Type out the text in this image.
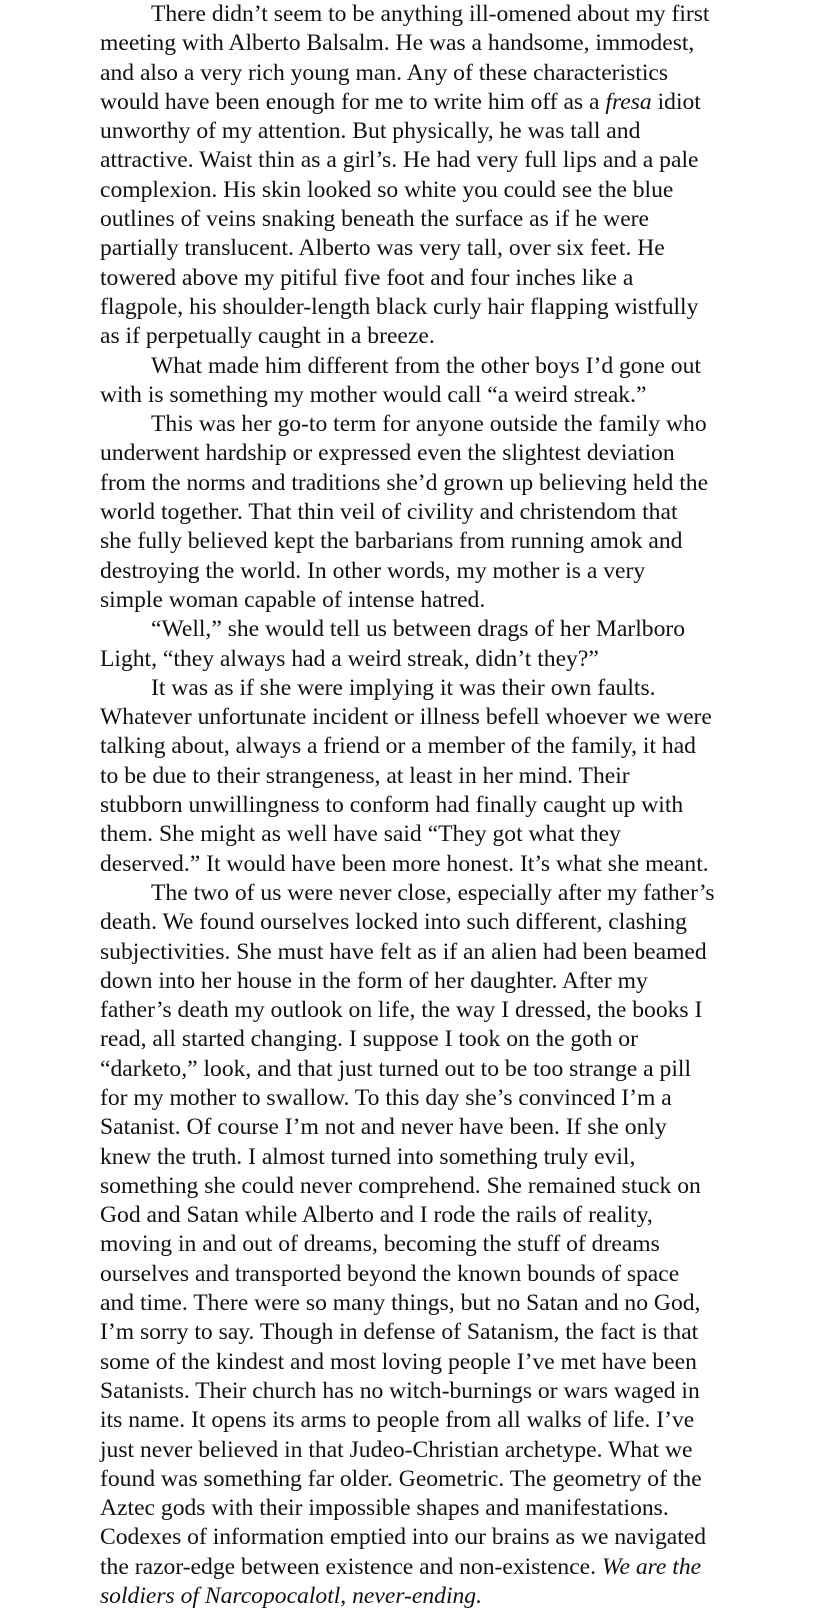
There didn’t seem to be anything ill-omened about my first
meeting with Alberto Balsalm. He was a handsome, immodest,
and also a very rich young man. Any of these characteristics
would have been enough for me to write him off as a fresa idiot
unworthy of my attention. But physically, he was tall and
attractive. Waist thin as a girl’s. He had very full lips and a pale
complexion. His skin looked so white you could see the blue
outlines of veins snaking beneath the surface as if he were
partially translucent. Alberto was very tall, over six feet. He
towered above my pitiful five foot and four inches like a
flagpole, his shoulder-length black curly hair flapping wistfully
as if perpetually caught in a breeze.
What made him different from the other boys I’d gone out
with is something my mother would call “a weird streak.”
This was her go-to term for anyone outside the family who
underwent hardship or expressed even the slightest deviation
from the norms and traditions she’d grown up believing held the
world together. That thin veil of civility and christendom that
she fully believed kept the barbarians from running amok and
destroying the world. In other words, my mother is a very
simple woman capable of intense hatred.
“Well,” she would tell us between drags of her Marlboro
Light, “they always had a weird streak, didn’t they?”
It was as if she were implying it was their own faults.
Whatever unfortunate incident or illness befell whoever we were
talking about, always a friend or a member of the family, it had
to be due to their strangeness, at least in her mind. Their
stubborn unwillingness to conform had finally caught up with
them. She might as well have said “They got what they
deserved.” It would have been more honest. It’s what she meant.
The two of us were never close, especially after my father’s
death. We found ourselves locked into such different, clashing
subjectivities. She must have felt as if an alien had been beamed
down into her house in the form of her daughter. After my
father’s death my outlook on life, the way I dressed, the books I
read, all started changing. I suppose I took on the goth or
“darketo,” look, and that just turned out to be too strange a pill
for my mother to swallow. To this day she’s convinced I’m a
Satanist. Of course I’m not and never have been. If she only
knew the truth. I almost turned into something truly evil,
something she could never comprehend. She remained stuck on
God and Satan while Alberto and I rode the rails of reality,
moving in and out of dreams, becoming the stuff of dreams
ourselves and transported beyond the known bounds of space
and time. There were so many things, but no Satan and no God,
I’m sorry to say. Though in defense of Satanism, the fact is that
some of the kindest and most loving people I’ve met have been
Satanists. Their church has no witch-burnings or wars waged in
its name. It opens its arms to people from all walks of life. I’ve
just never believed in that Judeo-Christian archetype. What we
found was something far older. Geometric. The geometry of the
Aztec gods with their impossible shapes and manifestations.
Codexes of information emptied into our brains as we navigated
the razor-edge between existence and non-existence. We are the
soldiers of Narcopocalotl, never-ending.
